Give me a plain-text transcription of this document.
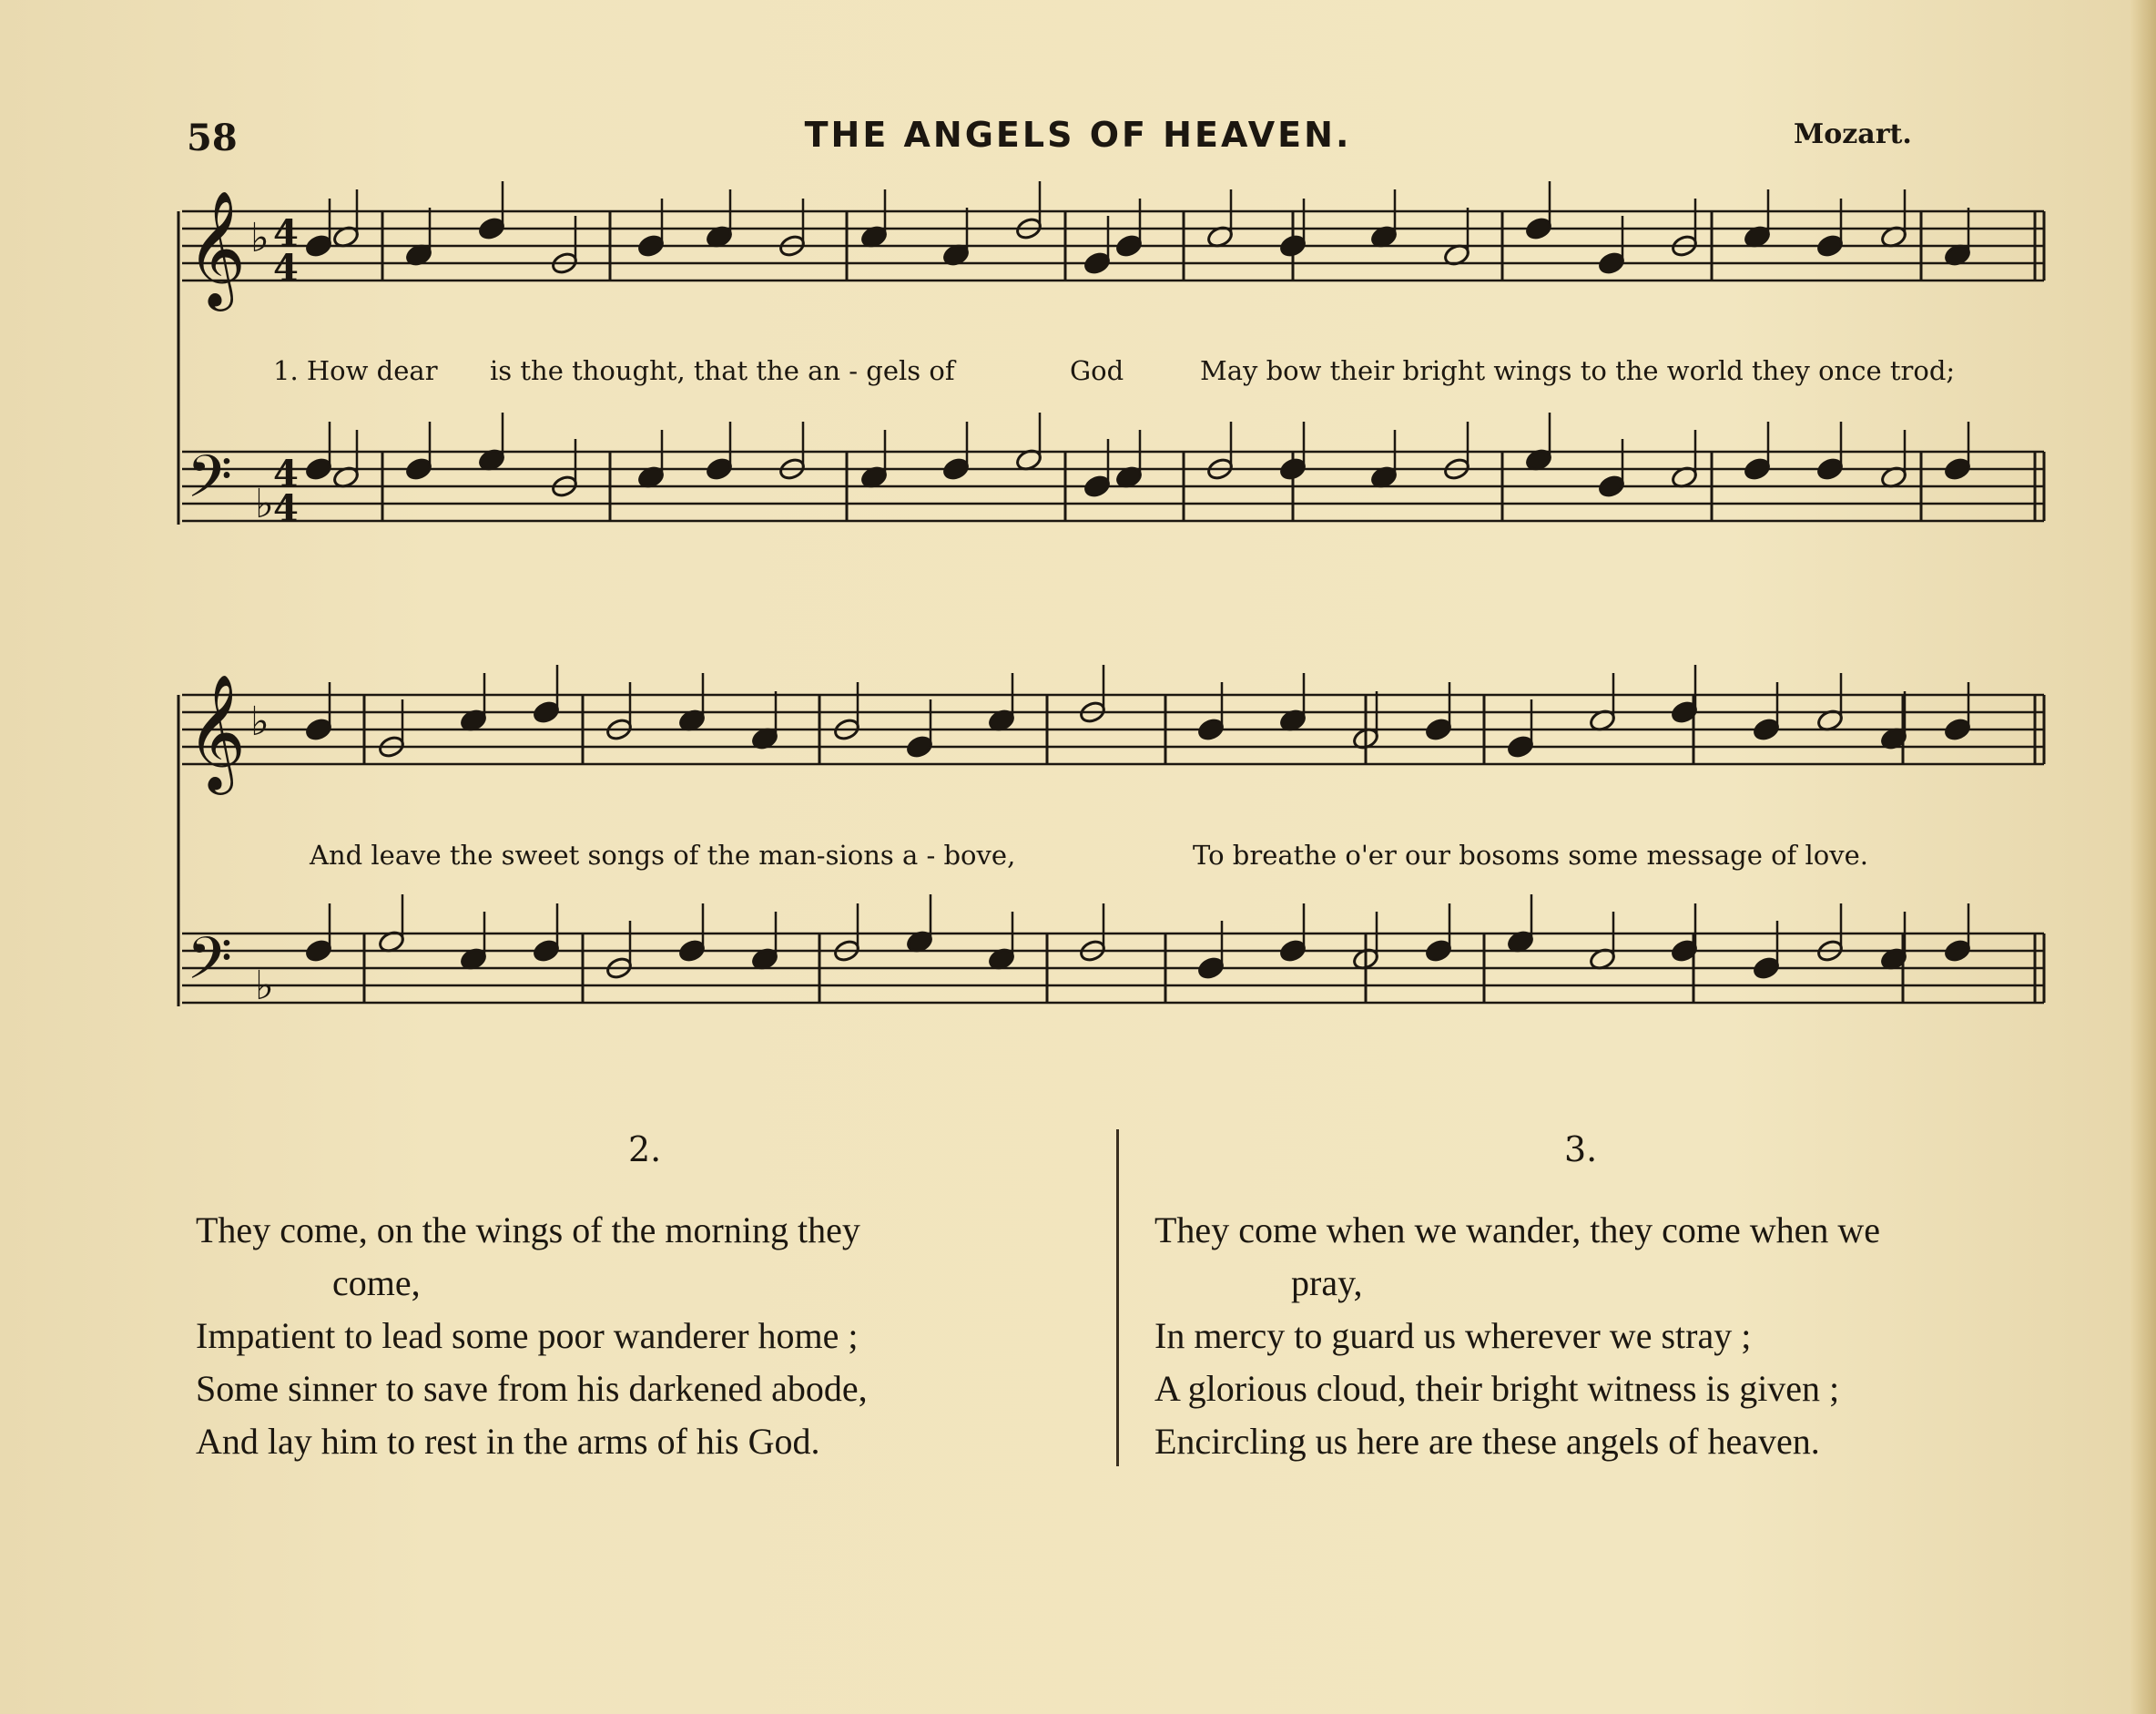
58	THE ANGELS OF HEAVEN.	Mozart.
𝄞
𝄞
𝄢
𝄢
4
4
4
4
♭
♭
♭
♭
1. How dear is the thought, that the an - gels of	God	May bow their bright wings to the world they once trod;
And leave the sweet songs of the man-sions a - bove,	To breathe o'er our bosoms some message of love.
2.	3.
They come, on the wings of the morning they
come,
Impatient to lead some poor wanderer home ;
Some sinner to save from his darkened abode,
And lay him to rest in the arms of his God.
They come when we wander, they come when we
pray,
In mercy to guard us wherever we stray ;
A glorious cloud, their bright witness is given ;
Encircling us here are these angels of heaven.
